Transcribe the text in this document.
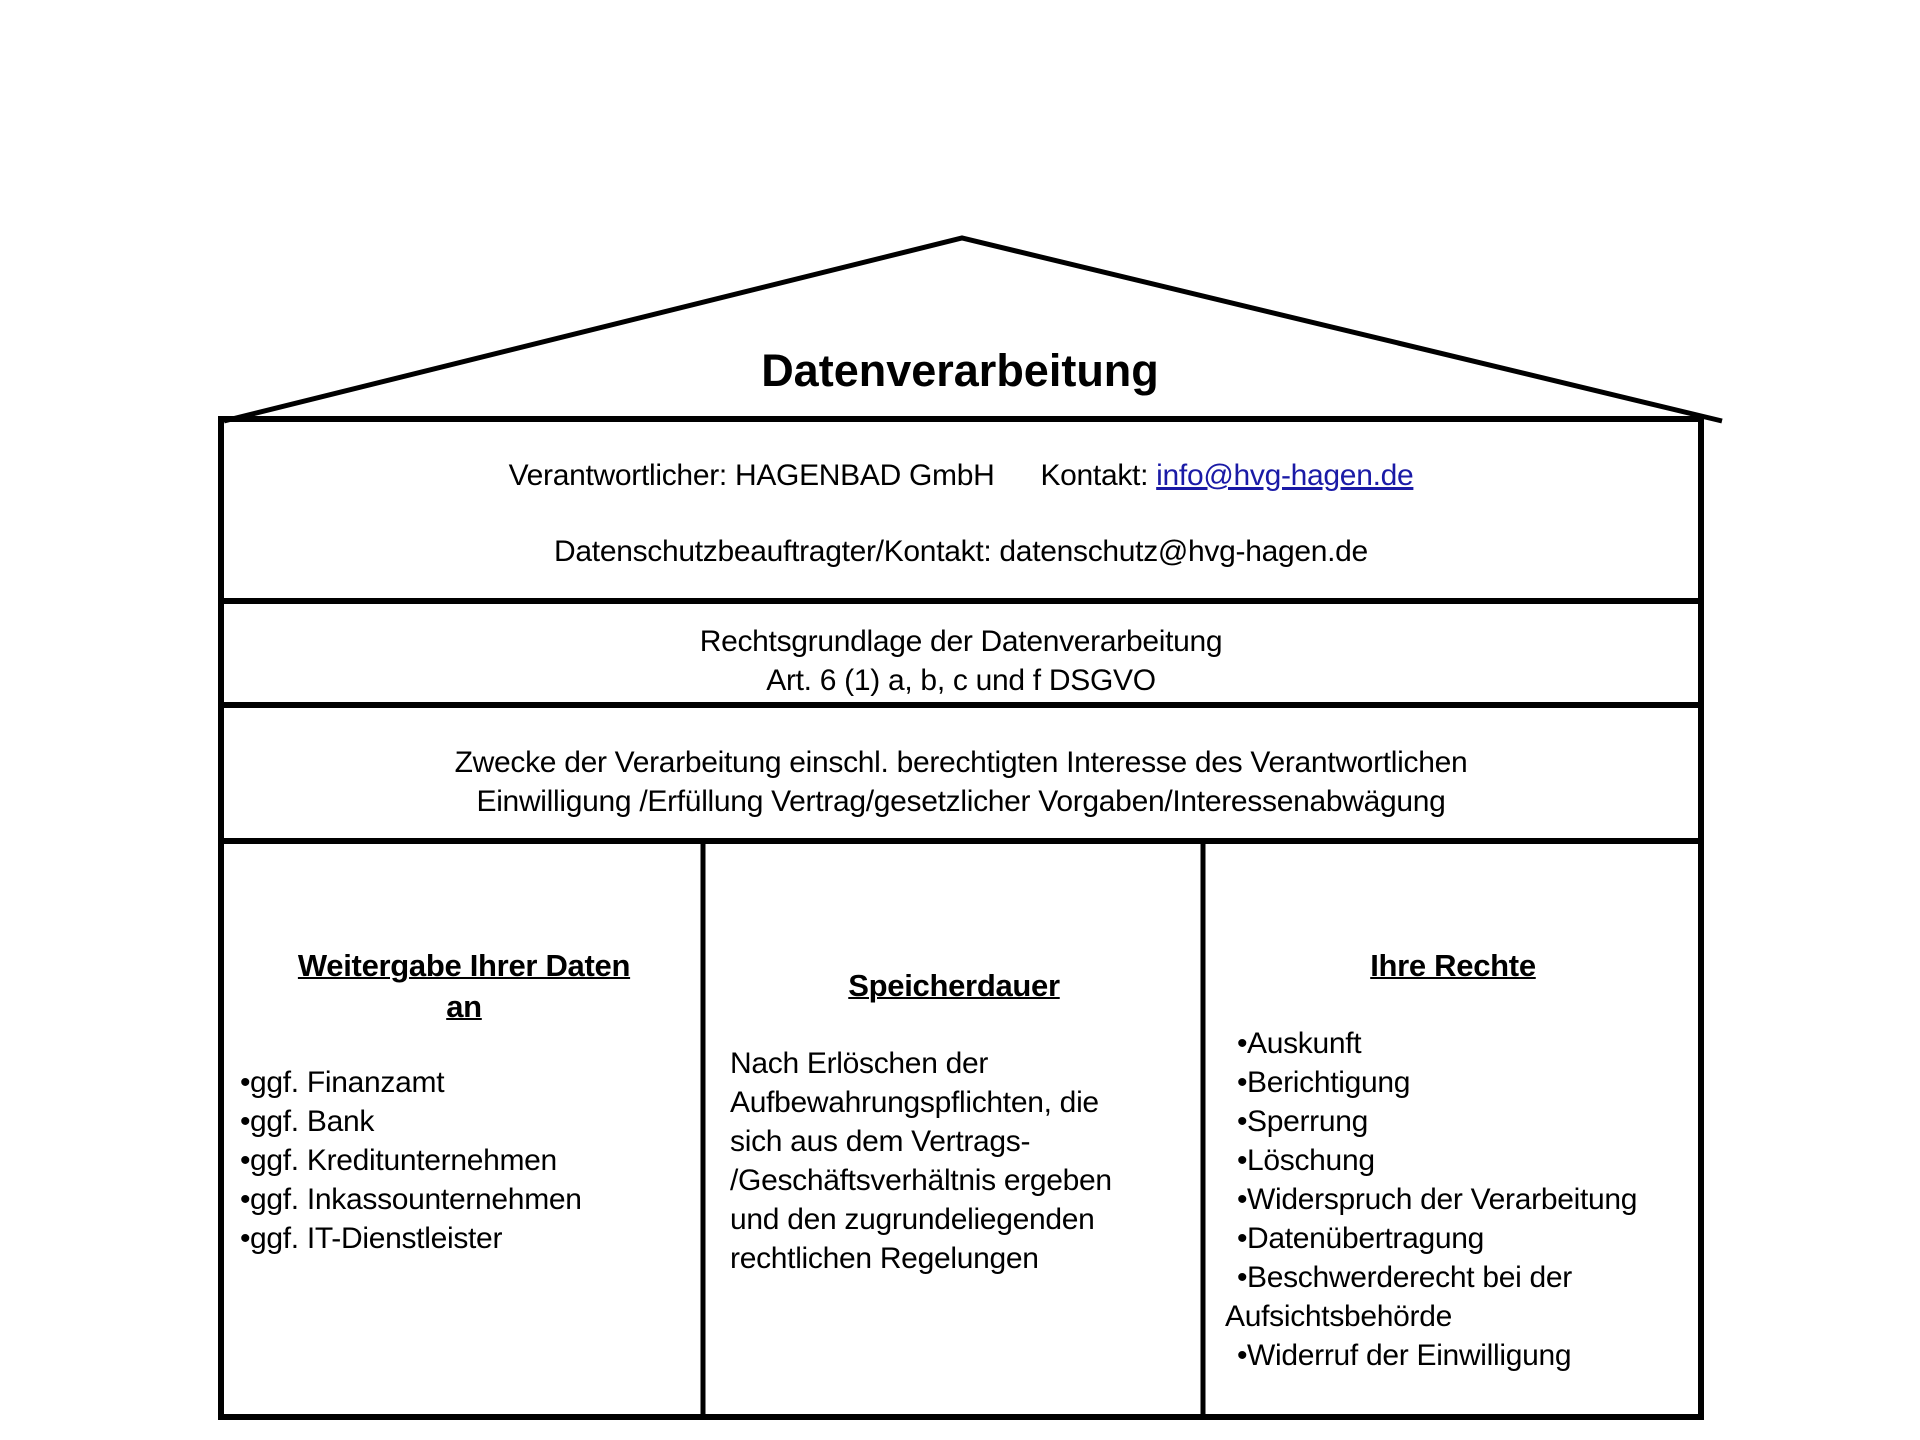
Datenverarbeitung
Verantwortlicher: HAGENBAD GmbH Kontakt: info@hvg-hagen.de
Datenschutzbeauftragter/Kontakt: datenschutz@hvg-hagen.de
Rechtsgrundlage der Datenverarbeitung
Art. 6 (1) a, b, c und f DSGVO
Zwecke der Verarbeitung einschl. berechtigten Interesse des Verantwortlichen
Einwilligung /Erfüllung Vertrag/gesetzlicher Vorgaben/Interessenabwägung
Weitergabe Ihrer Daten
an
•ggf. Finanzamt
•ggf. Bank
•ggf. Kreditunternehmen
•ggf. Inkassounternehmen
•ggf. IT-Dienstleister
Speicherdauer
Nach Erlöschen der
Aufbewahrungspflichten, die
sich aus dem Vertrags-
/Geschäftsverhältnis ergeben
und den zugrundeliegenden
rechtlichen Regelungen
Ihre Rechte
•Auskunft
•Berichtigung
•Sperrung
•Löschung
•Widerspruch der Verarbeitung
•Datenübertragung
•Beschwerderecht bei der
Aufsichtsbehörde
•Widerruf der Einwilligung
